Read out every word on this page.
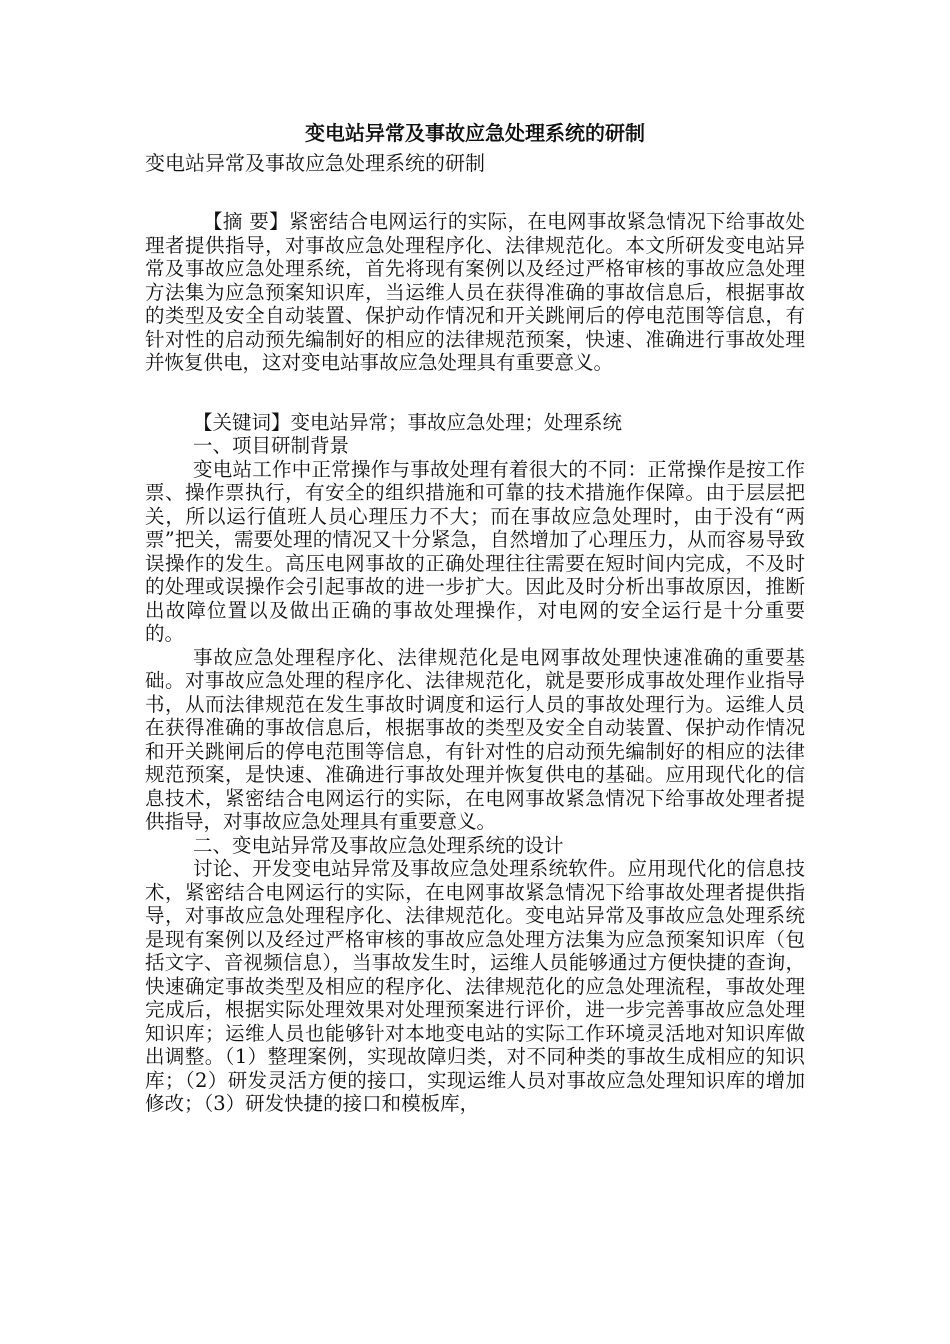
变电站异常及事故应急处理系统的研制

变电站异常及事故应急处理系统的研制

【摘 要】紧密结合电网运行的实际，在电网事故紧急情况下给事故处理者提供指导，对事故应急处理程序化、法律规范化。本文所研发变电站异常及事故应急处理系统，首先将现有案例以及经过严格审核的事故应急处理方法集为应急预案知识库，当运维人员在获得准确的事故信息后，根据事故的类型及安全自动装置、保护动作情况和开关跳闸后的停电范围等信息，有针对性的启动预先编制好的相应的法律规范预案，快速、准确进行事故处理并恢复供电，这对变电站事故应急处理具有重要意义。

【关键词】变电站异常；事故应急处理；处理系统

一、项目研制背景

变电站工作中正常操作与事故处理有着很大的不同：正常操作是按工作票、操作票执行，有安全的组织措施和可靠的技术措施作保障。由于层层把关，所以运行值班人员心理压力不大；而在事故应急处理时，由于没有“两票”把关，需要处理的情况又十分紧急，自然增加了心理压力，从而容易导致误操作的发生。高压电网事故的正确处理往往需要在短时间内完成，不及时的处理或误操作会引起事故的进一步扩大。因此及时分析出事故原因，推断出故障位置以及做出正确的事故处理操作，对电网的安全运行是十分重要的。

事故应急处理程序化、法律规范化是电网事故处理快速准确的重要基础。对事故应急处理的程序化、法律规范化，就是要形成事故处理作业指导书，从而法律规范在发生事故时调度和运行人员的事故处理行为。运维人员在获得准确的事故信息后，根据事故的类型及安全自动装置、保护动作情况和开关跳闸后的停电范围等信息，有针对性的启动预先编制好的相应的法律规范预案，是快速、准确进行事故处理并恢复供电的基础。应用现代化的信息技术，紧密结合电网运行的实际，在电网事故紧急情况下给事故处理者提供指导，对事故应急处理具有重要意义。

二、变电站异常及事故应急处理系统的设计

讨论、开发变电站异常及事故应急处理系统软件。应用现代化的信息技术，紧密结合电网运行的实际，在电网事故紧急情况下给事故处理者提供指导，对事故应急处理程序化、法律规范化。变电站异常及事故应急处理系统是现有案例以及经过严格审核的事故应急处理方法集为应急预案知识库（包括文字、音视频信息），当事故发生时，运维人员能够通过方便快捷的查询，快速确定事故类型及相应的程序化、法律规范化的应急处理流程，事故处理完成后，根据实际处理效果对处理预案进行评价，进一步完善事故应急处理知识库；运维人员也能够针对本地变电站的实际工作环境灵活地对知识库做出调整。（1）整理案例，实现故障归类，对不同种类的事故生成相应的知识库；（2）研发灵活方便的接口，实现运维人员对事故应急处理知识库的增加修改；（3）研发快捷的接口和模板库，
